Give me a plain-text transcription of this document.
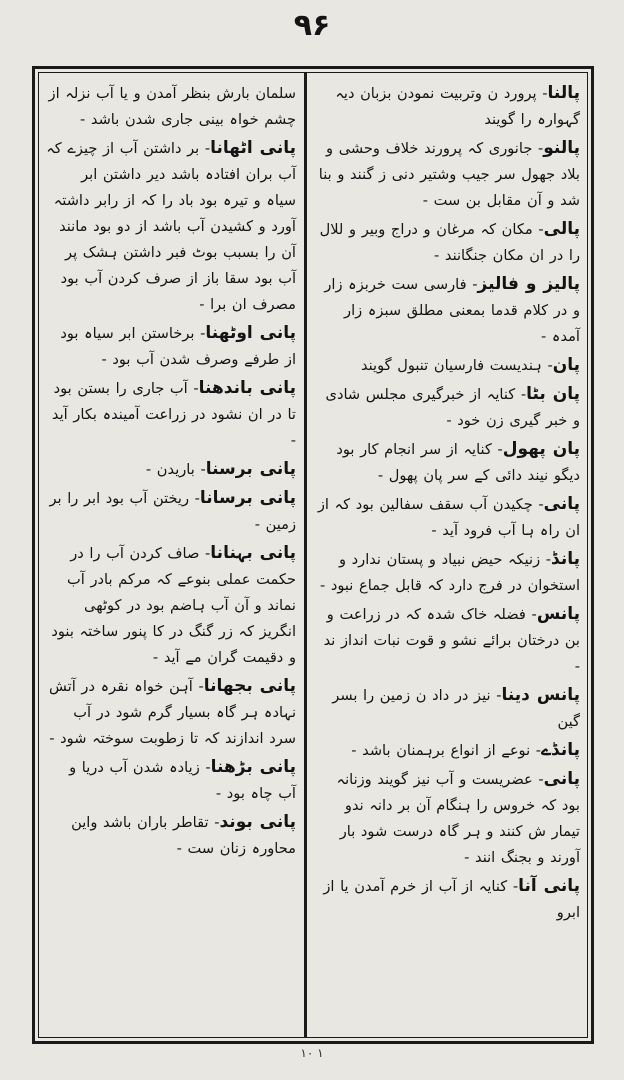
۹۶

پالنا- پرورد ن وتربیت نمودن بزبان دیہ گہوارہ را گویند

پالنو- جانوری کہ پرورند خلاف وحشی و بلاد جھول سر جیب وشتیر دنی ز گنند و بنا شد و آن مقابل بن ست -

پالی- مکان کہ مرغان و دراج وبیر و للال را در ان مکان جنگانند -

پالیز و فالیز- فارسی ست خربزہ زار و در کلام قدما بمعنی مطلق سبزہ زار آمدہ -

پان- ہندیست فارسیان تنبول گویند

پان بٹا- کنایہ از خبرگیری مجلس شادی و خبر گیری زن خود -

پان پھول- کنایہ از سر انجام کار بود دیگو نیند دائی کے سر پان پھول -

پانی- چکیدن آب سقف سفالین بود کہ از ان راہ ہا آب فرود آید -

پانڈ- زنیکہ حیض نبیاد و پستان ندارد و استخوان در فرج دارد کہ قابل جماع نبود -

پانس- فضلہ خاک شدہ کہ در زراعت و بن درختان برائے نشو و قوت نبات انداز ند -

پانس دینا- نیز در داد ن زمین را بسر گین

پانڈے- نوعے از انواع برہمنان باشد -

پانی- عضریست و آب نیز گویند وزنانہ بود کہ خروس را ہنگام آن بر دانہ ندو تیمار ش کنند و ہر گاہ درست شود بار آورند و بجنگ انند -

پانی آنا- کنایہ از آب از خرم آمدن یا از ابرو

سلمان بارش بنظر آمدن و یا آب نزلہ از چشم خواہ بینی جاری شدن باشد -

پانی اٹھانا- بر داشتن آب از چیزے کہ آب بران افتادہ باشد دیر داشتن ابر سیاہ و تیرہ بود باد را کہ از رابر داشتہ آورد و کشیدن آب باشد از دو بود مانند آن را بسبب بوٹ فبر داشتن ہشک پر آب بود سقا باز از صرف کردن آب بود مصرف ان برا -

پانی اوٹھنا- برخاستن ابر سیاہ بود از طرفے وصرف شدن آب بود -

پانی باندھنا- آب جاری را بستن بود تا در ان نشود در زراعت آمیندہ بکار آید -

پانی برسنا- باریدن -

پانی برسانا- ریختن آب بود ابر را بر زمین -

پانی بہنانا- صاف کردن آب را در حکمت عملی بنوعے کہ مرکم بادر آب نماند و آن آب ہاضم بود در کوٹھی انگریز کہ زر گنگ در کا پنور ساختہ بنود و دقیمت گران مے آید -

پانی بجھانا- آہن خواہ نقرہ در آتش نہادہ ہر گاہ بسیار گرم شود در آب سرد اندازند کہ تا زطوبت سوختہ شود -

پانی بڑھنا- زیادہ شدن آب دریا و آب چاہ بود -

پانی بوند- تقاطر باران باشد واین محاورہ زنان ست -

۱۰ ۱
